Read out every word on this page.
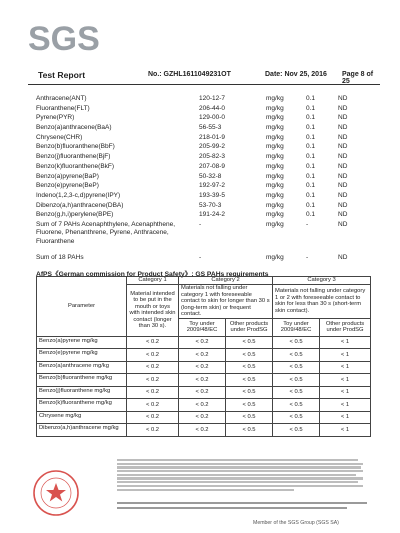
SGS
Test Report	No.: GZHL1611049231OT	Date: Nov 25, 2016 Page 8 of 25
Anthracene(ANT)	120-12-7	mg/kg	0.1	ND
Fluoranthene(FLT)	206-44-0	mg/kg	0.1	ND
Pyrene(PYR)	129-00-0	mg/kg	0.1	ND
Benzo(a)anthracene(BaA)	56-55-3	mg/kg	0.1	ND
Chrysene(CHR)	218-01-9	mg/kg	0.1	ND
Benzo(b)fluoranthene(BbF)	205-99-2	mg/kg	0.1	ND
Benzo(j)fluoranthene(BjF)	205-82-3	mg/kg	0.1	ND
Benzo(k)fluoranthene(BkF)	207-08-9	mg/kg	0.1	ND
Benzo(a)pyrene(BaP)	50-32-8	mg/kg	0.1	ND
Benzo(e)pyrene(BeP)	192-97-2	mg/kg	0.1	ND
Indeno(1,2,3-c,d)pyrene(IPY)	193-39-5	mg/kg	0.1	ND
Dibenzo(a,h)anthracene(DBA)	53-70-3	mg/kg	0.1	ND
Benzo(g,h,i)perylene(BPE)	191-24-2	mg/kg	0.1	ND
Sum of 7 PAHs Acenaphthylene, Acenaphthene, Fluorene, Phenanthrene, Pyrene, Anthracene, Fluoranthene
-	mg/kg	-	ND
Sum of 18 PAHs	-	mg/kg	-	ND
AfPS《German commission for Product Safety》: GS PAHs requirements
Parameter	Category 1	Category 2		Category 3	
	Material intended to be put in the mouth or toys with intended skin contact (longer than 30 s).	Materials not falling under category 1 with foreseeable contact to skin for longer than 30 s (long-term skin) or frequent contact.		Materials not falling under category 1 or 2 with foreseeable contact to skin for less than 30 s (short-term skin contact).	
		Toy under 2009/48/EC	Other products under ProdSG	Toy under 2009/48/EC	Other products under ProdSG
Benzo(a)pyrene mg/kg	< 0.2	< 0.2	< 0.5	< 0.5	< 1
Benzo(e)pyrene mg/kg	< 0.2	< 0.2	< 0.5	< 0.5	< 1
Benzo(a)anthracene mg/kg	< 0.2	< 0.2	< 0.5	< 0.5	< 1
Benzo(b)fluoranthene mg/kg	< 0.2	< 0.2	< 0.5	< 0.5	< 1
Benzo(j)fluoranthene mg/kg	< 0.2	< 0.2	< 0.5	< 0.5	< 1
Benzo(k)fluoranthene mg/kg	< 0.2	< 0.2	< 0.5	< 0.5	< 1
Chrysene mg/kg	< 0.2	< 0.2	< 0.5	< 0.5	< 1
Dibenzo(a,h)anthracene mg/kg	< 0.2	< 0.2	< 0.5	< 0.5	< 1
Member of the SGS Group (SGS SA)
